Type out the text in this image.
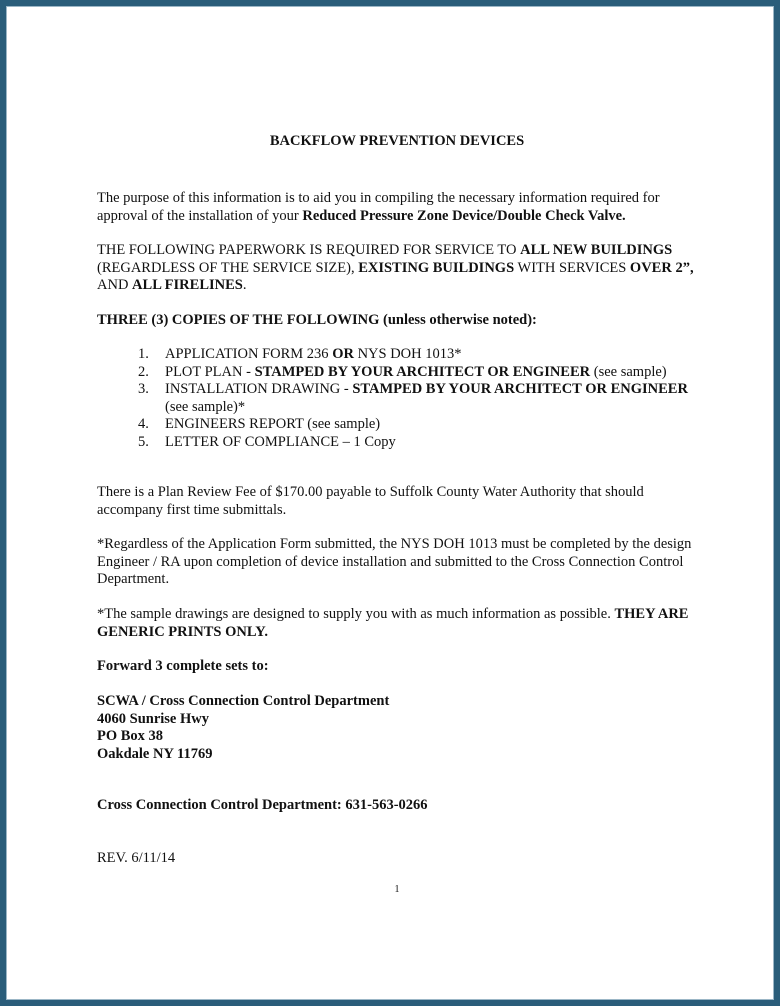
BACKFLOW PREVENTION DEVICES
The purpose of this information is to aid you in compiling the necessary information required for approval of the installation of your Reduced Pressure Zone Device/Double Check Valve.
THE FOLLOWING PAPERWORK IS REQUIRED FOR SERVICE TO ALL NEW BUILDINGS (REGARDLESS OF THE SERVICE SIZE), EXISTING BUILDINGS WITH SERVICES OVER 2”, AND ALL FIRELINES.
THREE (3) COPIES OF THE FOLLOWING (unless otherwise noted):
1. APPLICATION FORM 236 OR NYS DOH 1013*
2. PLOT PLAN - STAMPED BY YOUR ARCHITECT OR ENGINEER (see sample)
3. INSTALLATION DRAWING - STAMPED BY YOUR ARCHITECT OR ENGINEER (see sample)*
4. ENGINEERS REPORT (see sample)
5. LETTER OF COMPLIANCE – 1 Copy
There is a Plan Review Fee of $170.00 payable to Suffolk County Water Authority that should accompany first time submittals.
*Regardless of the Application Form submitted, the NYS DOH 1013 must be completed by the design Engineer / RA upon completion of device installation and submitted to the Cross Connection Control Department.
*The sample drawings are designed to supply you with as much information as possible. THEY ARE GENERIC PRINTS ONLY.
Forward 3 complete sets to:
SCWA / Cross Connection Control Department
4060 Sunrise Hwy
PO Box 38
Oakdale NY 11769
Cross Connection Control Department: 631-563-0266
REV. 6/11/14
1
